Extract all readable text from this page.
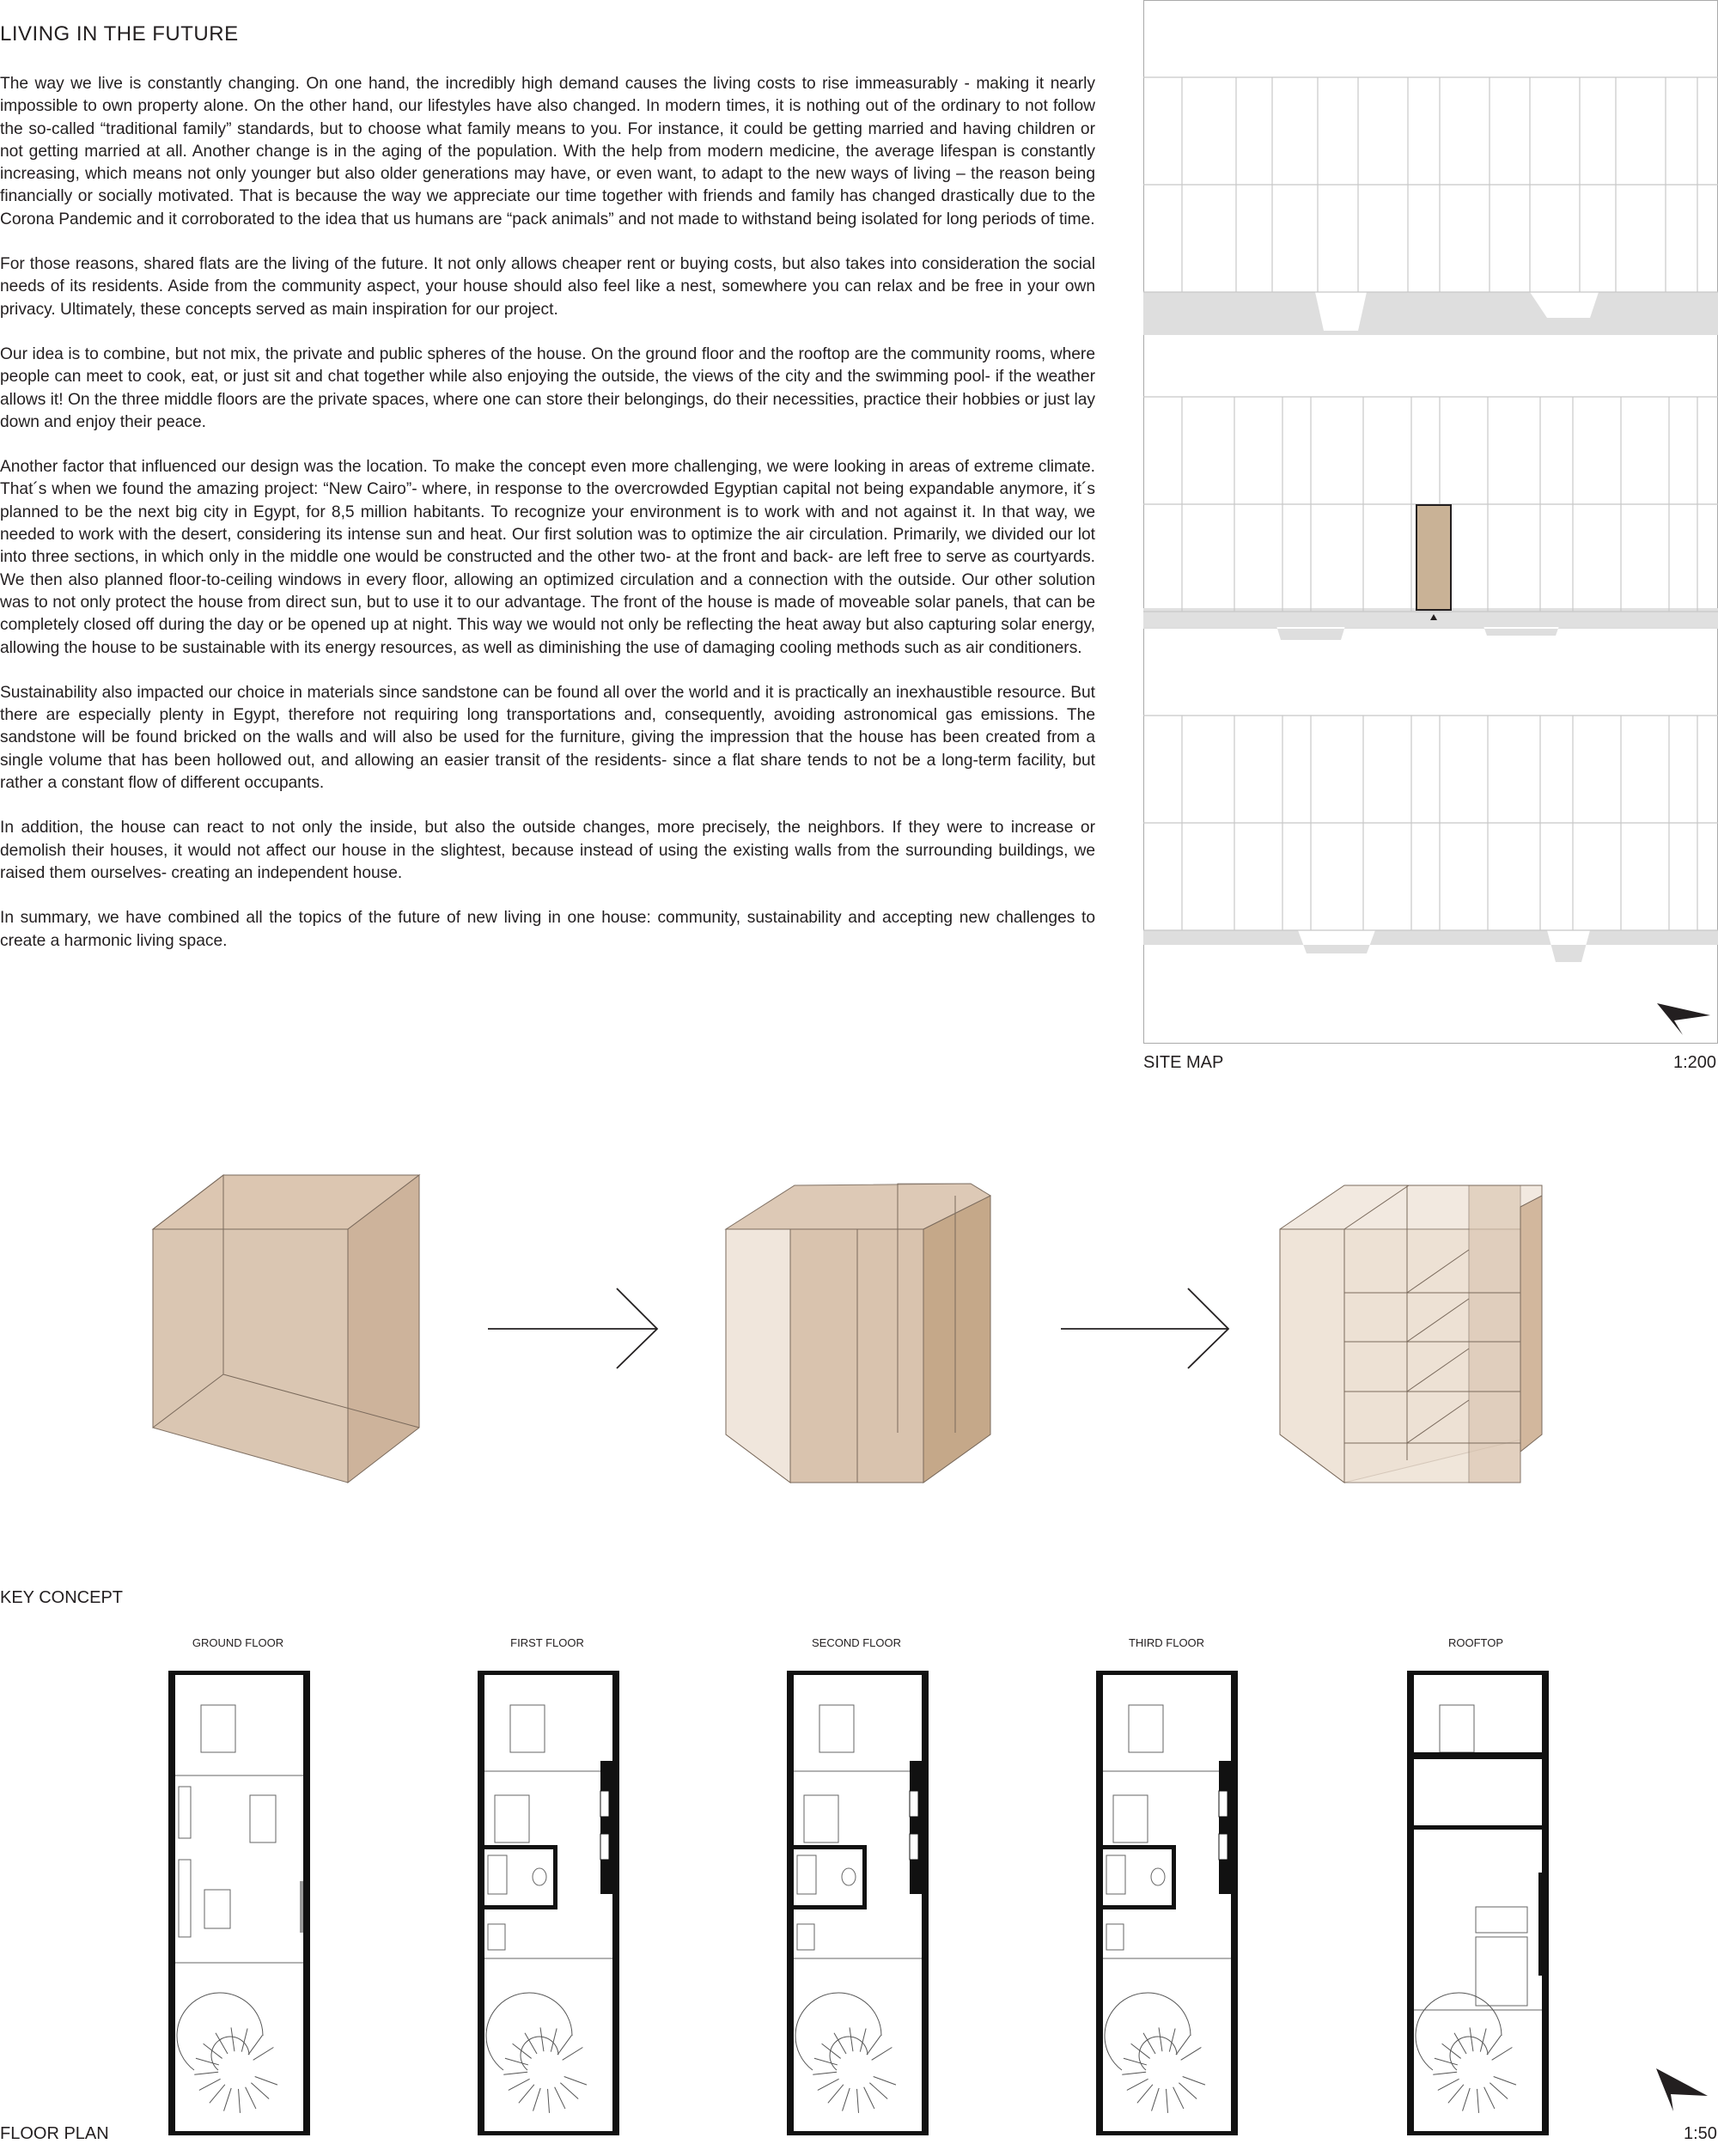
LIVING IN THE FUTURE

The way we live is constantly changing. On one hand, the incredibly high demand causes the living costs to rise immeasurably - making it nearly impossible to own property alone. On the other hand, our lifestyles have also changed. In modern times, it is nothing out of the ordinary to not follow the so-called “traditional family” standards, but to choose what family means to you. For instance, it could be getting married and having children or not getting married at all. Another change is in the aging of the population. With the help from modern medicine, the average lifespan is constantly increasing, which means not only younger but also older generations may have, or even want, to adapt to the new ways of living – the reason being financially or socially motivated. That is because the way we appreciate our time together with friends and family has changed drastically due to the Corona Pandemic and it corroborated to the idea that us humans are “pack animals” and not made to withstand being isolated for long periods of time.

For those reasons, shared flats are the living of the future. It not only allows cheaper rent or buying costs, but also takes into consideration the social needs of its residents. Aside from the community aspect, your house should also feel like a nest, somewhere you can relax and be free in your own privacy. Ultimately, these concepts served as main inspiration for our project.

Our idea is to combine, but not mix, the private and public spheres of the house. On the ground floor and the rooftop are the community rooms, where people can meet to cook, eat, or just sit and chat together while also enjoying the outside, the views of the city and the swimming pool- if the weather allows it! On the three middle floors are the private spaces, where one can store their belongings, do their necessities, practice their hobbies or just lay down and enjoy their peace.

Another factor that influenced our design was the location. To make the concept even more challenging, we were looking in areas of extreme climate. That´s when we found the amazing project: “New Cairo”- where, in response to the overcrowded Egyptian capital not being expandable anymore, it´s planned to be the next big city in Egypt, for 8,5 million habitants. To recognize your environment is to work with and not against it. In that way, we needed to work with the desert, considering its intense sun and heat. Our first solution was to optimize the air circulation. Primarily, we divided our lot into three sections, in which only in the middle one would be constructed and the other two- at the front and back- are left free to serve as courtyards. We then also planned floor-to-ceiling windows in every floor, allowing an optimized circulation and a connection with the outside. Our other solution was to not only protect the house from direct sun, but to use it to our advantage. The front of the house is made of moveable solar panels, that can be completely closed off during the day or be opened up at night. This way we would not only be reflecting the heat away but also capturing solar energy, allowing the house to be sustainable with its energy resources, as well as diminishing the use of damaging cooling methods such as air conditioners.

Sustainability also impacted our choice in materials since sandstone can be found all over the world and it is practically an inexhaustible resource. But there are especially plenty in Egypt, therefore not requiring long transportations and, consequently, avoiding astronomical gas emissions. The sandstone will be found bricked on the walls and will also be used for the furniture, giving the impression that the house has been created from a single volume that has been hollowed out, and allowing an easier transit of the residents- since a flat share tends to not be a long-term facility, but rather a constant flow of different occupants.

In addition, the house can react to not only the inside, but also the outside changes, more precisely, the neighbors. If they were to increase or demolish their houses, it would not affect our house in the slightest, because instead of using the existing walls from the surrounding buildings, we raised them ourselves- creating an independent house.

In summary, we have combined all the topics of the future of new living in one house: community, sustainability and accepting new challenges to create a harmonic living space.

SITE MAP	1:200
KEY CONCEPT
GROUND FLOOR	FIRST FLOOR	SECOND FLOOR	THIRD FLOOR	ROOFTOP
FLOOR PLAN	1:50
